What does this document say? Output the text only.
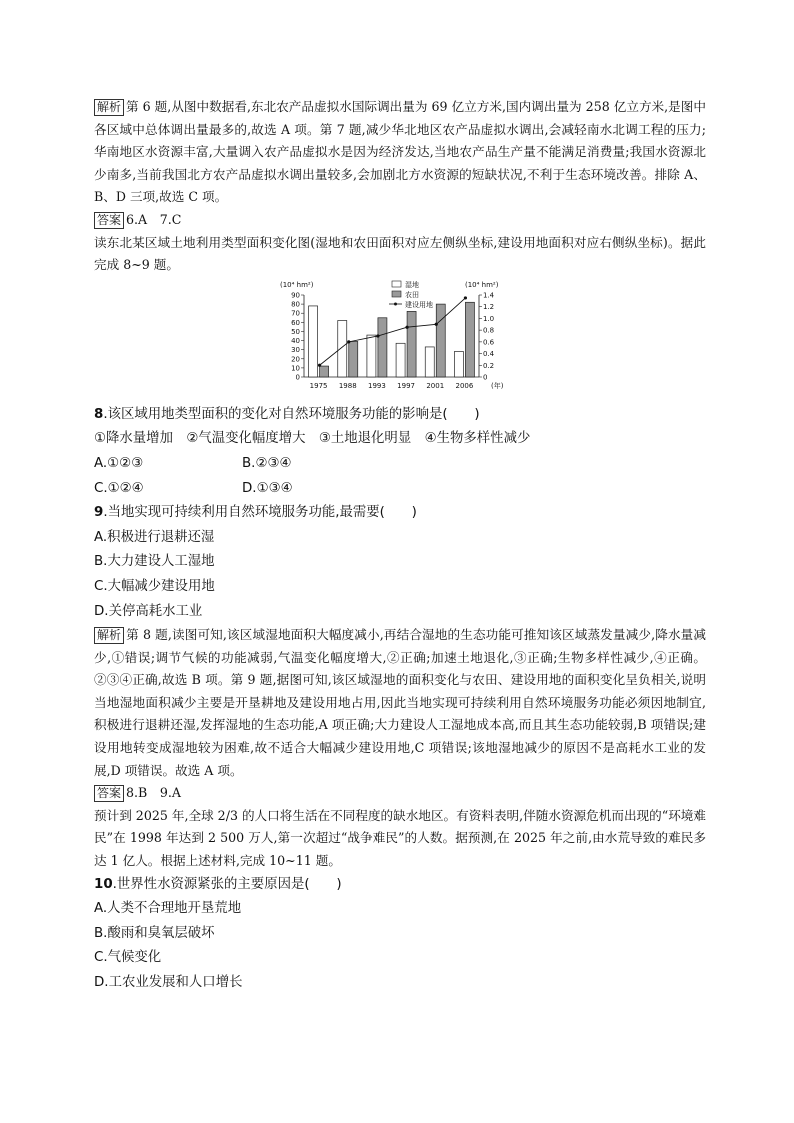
解析 第 6 题,从图中数据看,东北农产品虚拟水国际调出量为 69 亿立方米,国内调出量为 258 亿立方米,是图中各区域中总体调出量最多的,故选 A 项。第 7 题,减少华北地区农产品虚拟水调出,会减轻南水北调工程的压力;华南地区水资源丰富,大量调入农产品虚拟水是因为经济发达,当地农产品生产量不能满足消费量;我国水资源北少南多,当前我国北方农产品虚拟水调出量较多,会加剧北方水资源的短缺状况,不利于生态环境改善。排除 A、B、D 三项,故选 C 项。

答案 6.A　7.C

读东北某区域土地利用类型面积变化图(湿地和农田面积对应左侧纵坐标,建设用地面积对应右侧纵坐标)。据此完成 8~9 题。

0
10
20
30
40
50
60
70
80
90
0
0.2
0.4
0.6
0.8
1.0
1.2
1.4
(10⁴ hm²)	(10⁴ hm²)
(年)
1975 1988 1993 1997 2001 2006
湿地
农田
建设用地

8.该区域用地类型面积的变化对自然环境服务功能的影响是(　　)

①降水量增加　②气温变化幅度增大　③土地退化明显　④生物多样性减少

A.①②③	B.②③④

C.①②④	D.①③④

9.当地实现可持续利用自然环境服务功能,最需要(　　)

A.积极进行退耕还湿

B.大力建设人工湿地

C.大幅减少建设用地

D.关停高耗水工业

解析 第 8 题,读图可知,该区域湿地面积大幅度减小,再结合湿地的生态功能可推知该区域蒸发量减少,降水量减少,①错误;调节气候的功能减弱,气温变化幅度增大,②正确;加速土地退化,③正确;生物多样性减少,④正确。②③④正确,故选 B 项。第 9 题,据图可知,该区域湿地的面积变化与农田、建设用地的面积变化呈负相关,说明当地湿地面积减少主要是开垦耕地及建设用地占用,因此当地实现可持续利用自然环境服务功能必须因地制宜,积极进行退耕还湿,发挥湿地的生态功能,A 项正确;大力建设人工湿地成本高,而且其生态功能较弱,B 项错误;建设用地转变成湿地较为困难,故不适合大幅减少建设用地,C 项错误;该地湿地减少的原因不是高耗水工业的发展,D 项错误。故选 A 项。

答案 8.B　9.A

预计到 2025 年,全球 2/3 的人口将生活在不同程度的缺水地区。有资料表明,伴随水资源危机而出现的“环境难民”在 1998 年达到 2 500 万人,第一次超过“战争难民”的人数。据预测,在 2025 年之前,由水荒导致的难民多达 1 亿人。根据上述材料,完成 10~11 题。

10.世界性水资源紧张的主要原因是(　　)

A.人类不合理地开垦荒地

B.酸雨和臭氧层破坏

C.气候变化

D.工农业发展和人口增长
